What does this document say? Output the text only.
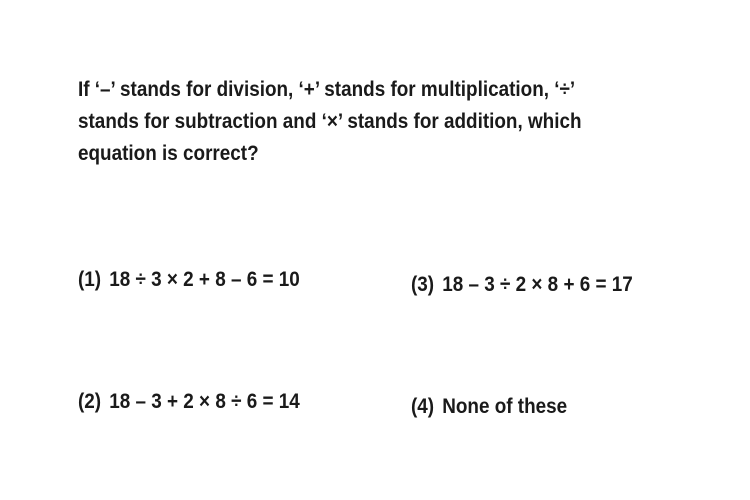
If ‘–’ stands for division, ‘+’ stands for multiplication, ‘÷’
stands for subtraction and ‘×’ stands for addition, which
equation is correct?
(1) 18 ÷ 3 × 2 + 8 – 6 = 10	(3) 18 – 3 ÷ 2 × 8 + 6 = 17
(2) 18 – 3 + 2 × 8 ÷ 6 = 14	(4) None of these
